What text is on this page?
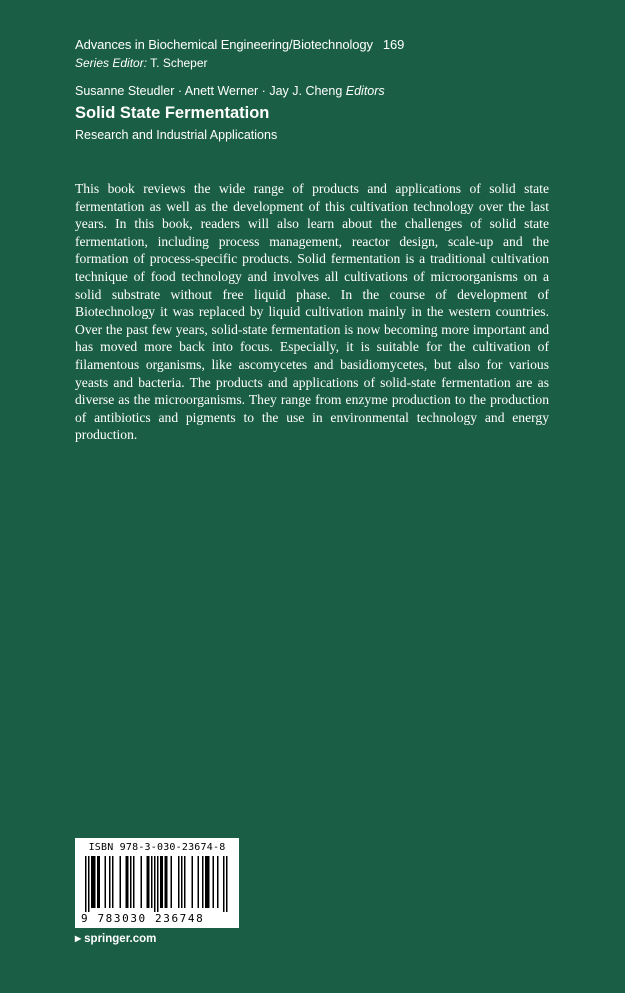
Advances in Biochemical Engineering/Biotechnology 169
Series Editor: T. Scheper
Susanne Steudler · Anett Werner · Jay J. Cheng Editors
Solid State Fermentation
Research and Industrial Applications

This book reviews the wide range of products and applications of solid state fermentation as well as the development of this cultivation technology over the last years. In this book, readers will also learn about the challenges of solid state fermentation, including process management, reactor design, scale-up and the formation of process-specific products. Solid fermentation is a traditional cultivation technique of food technology and involves all cultivations of microorganisms on a solid substrate without free liquid phase. In the course of development of Biotechnology it was replaced by liquid cultivation mainly in the western countries. Over the past few years, solid-state fermentation is now becoming more important and has moved more back into focus. Especially, it is suitable for the cultivation of filamentous organisms, like ascomycetes and basidiomycetes, but also for various yeasts and bacteria. The products and applications of solid-state fermentation are as diverse as the microorganisms. They range from enzyme production to the production of antibiotics and pigments to the use in environmental technology and energy production.

ISBN 978-3-030-23674-8
9 783030 236748
▶ springer.com
